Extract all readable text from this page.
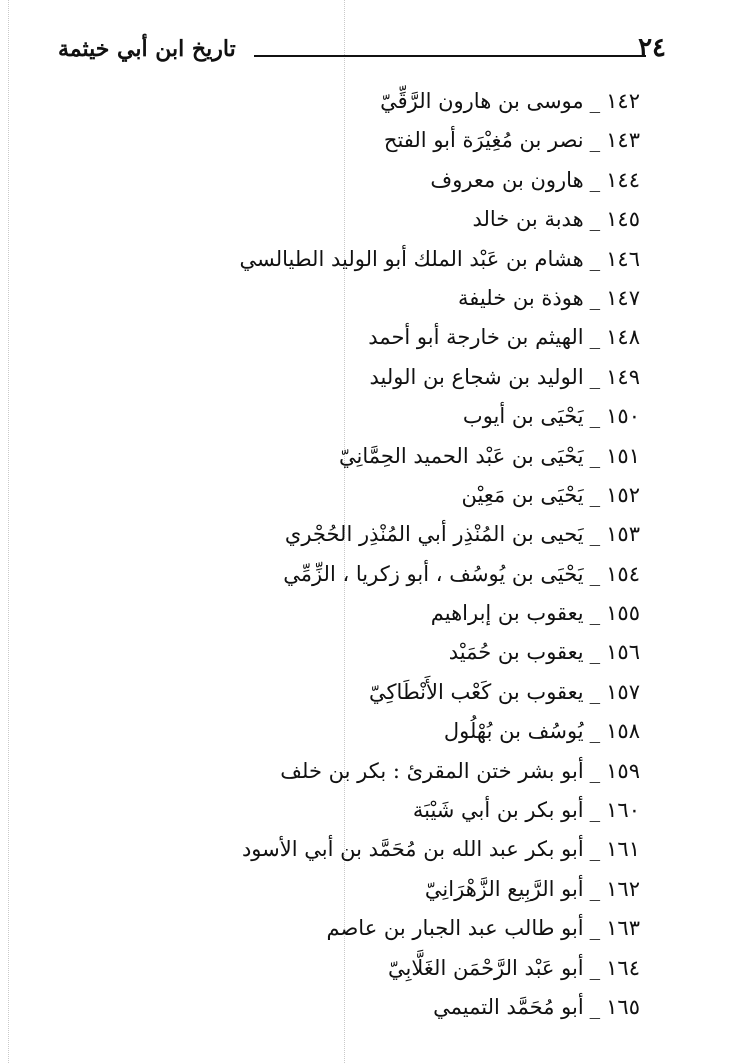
٢٤
تاريخ ابن أبي خيثمة
١٤٢_موسى بن هارون الرَّقِّيّ
١٤٣_نصر بن مُغِيْرَة أبو الفتح
١٤٤_هارون بن معروف
١٤٥_هدبة بن خالد
١٤٦_هشام بن عَبْد الملك أبو الوليد الطيالسي
١٤٧_هوذة بن خليفة
١٤٨_الهيثم بن خارجة أبو أحمد
١٤٩_الوليد بن شجاع بن الوليد
١٥٠_يَحْيَى بن أيوب
١٥١_يَحْيَى بن عَبْد الحميد الحِمَّانِيّ
١٥٢_يَحْيَى بن مَعِيْن
١٥٣_يَحيى بن المُنْذِر أبي المُنْذِر الحُجْري
١٥٤_يَحْيَى بن يُوسُف ، أبو زكريا ، الزِّمِّي
١٥٥_يعقوب بن إبراهيم
١٥٦_يعقوب بن حُمَيْد
١٥٧_يعقوب بن كَعْب الأَنْطَاكِيّ
١٥٨_يُوسُف بن بُهْلُول
١٥٩_أبو بشر ختن المقرئ : بكر بن خلف
١٦٠_أبو بكر بن أبي شَيْبَة
١٦١_أبو بكر عبد الله بن مُحَمَّد بن أبي الأسود
١٦٢_أبو الرَّبِيع الزَّهْرَانِيّ
١٦٣_أبو طالب عبد الجبار بن عاصم
١٦٤_أبو عَبْد الرَّحْمَن الغَلَّابِيّ
١٦٥_أبو مُحَمَّد التميمي
